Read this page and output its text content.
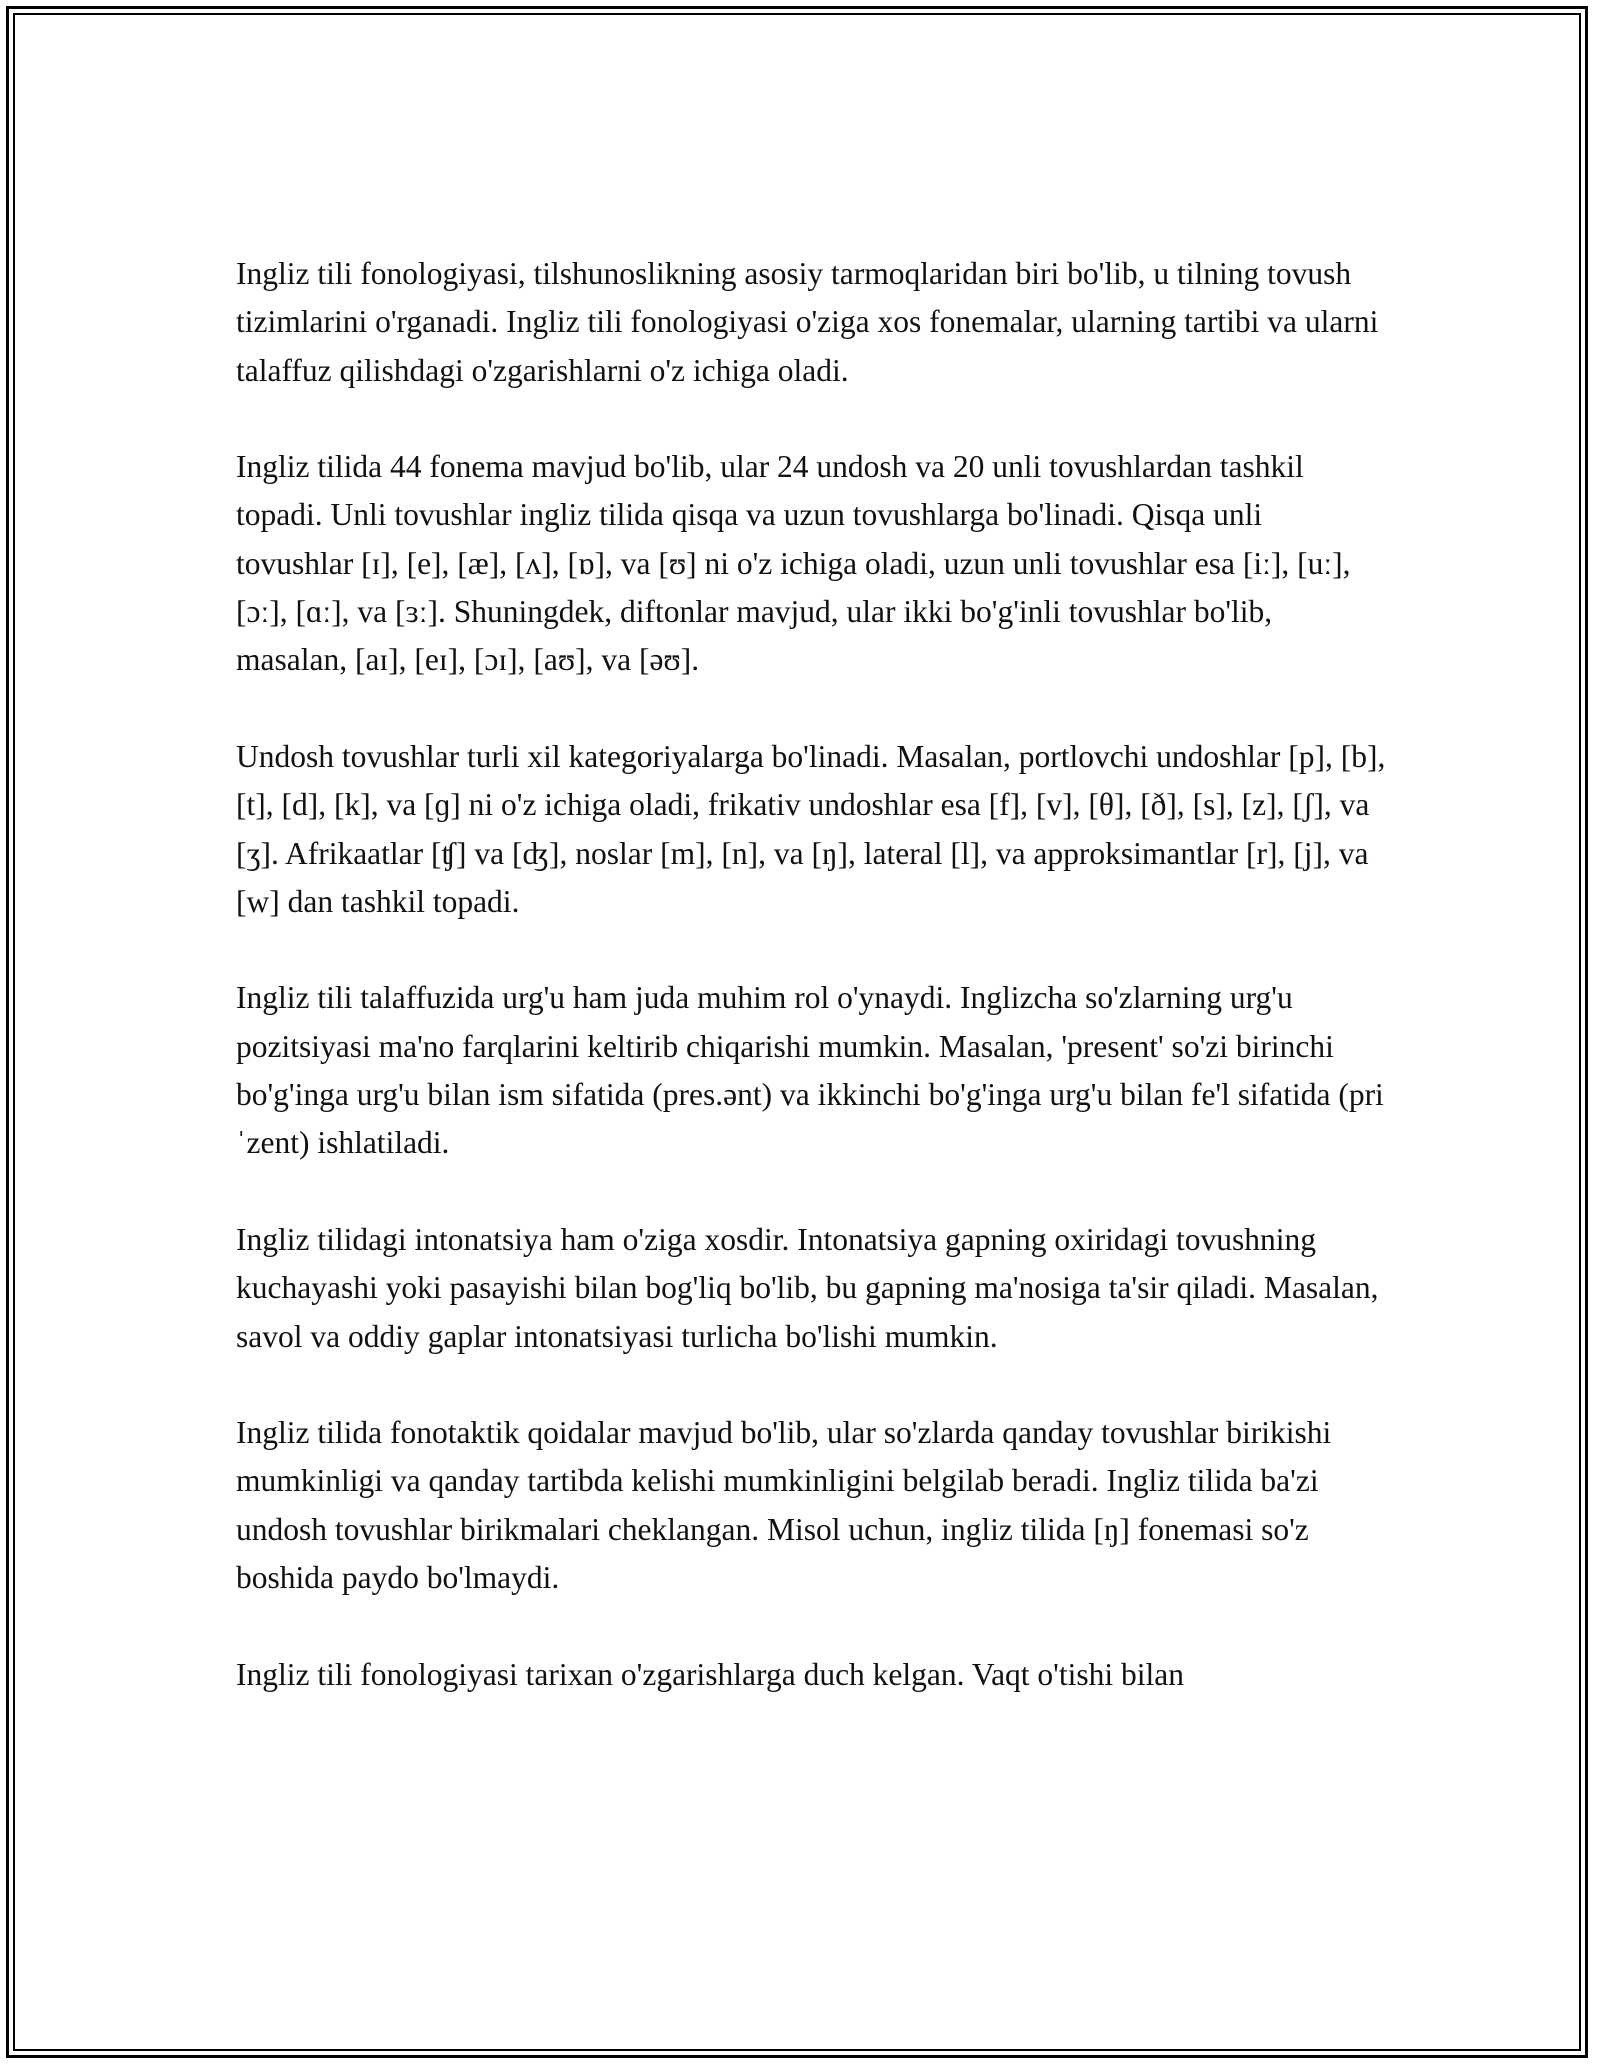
Ingliz tili fonologiyasi, tilshunoslikning asosiy tarmoqlaridan biri bo'lib, u tilning tovush tizimlarini o'rganadi. Ingliz tili fonologiyasi o'ziga xos fonemalar, ularning tartibi va ularni talaffuz qilishdagi o'zgarishlarni o'z ichiga oladi.

Ingliz tilida 44 fonema mavjud bo'lib, ular 24 undosh va 20 unli tovushlardan tashkil topadi. Unli tovushlar ingliz tilida qisqa va uzun tovushlarga bo'linadi. Qisqa unli tovushlar [ɪ], [e], [æ], [ʌ], [ɒ], va [ʊ] ni o'z ichiga oladi, uzun unli tovushlar esa [iː], [uː], [ɔː], [ɑː], va [ɜː]. Shuningdek, diftonlar mavjud, ular ikki bo'g'inli tovushlar bo'lib, masalan, [aɪ], [eɪ], [ɔɪ], [aʊ], va [əʊ].

Undosh tovushlar turli xil kategoriyalarga bo'linadi. Masalan, portlovchi undoshlar [p], [b], [t], [d], [k], va [ɡ] ni o'z ichiga oladi, frikativ undoshlar esa [f], [v], [θ], [ð], [s], [z], [ʃ], va [ʒ]. Afrikaatlar [ʧ] va [ʤ], noslar [m], [n], va [ŋ], lateral [l], va approksimantlar [r], [j], va [w] dan tashkil topadi.

Ingliz tili talaffuzida urg'u ham juda muhim rol o'ynaydi. Inglizcha so'zlarning urg'u pozitsiyasi ma'no farqlarini keltirib chiqarishi mumkin. Masalan, 'present' so'zi birinchi bo'g'inga urg'u bilan ism sifatida (pres.ənt) va ikkinchi bo'g'inga urg'u bilan fe'l sifatida (priˈzent) ishlatiladi.

Ingliz tilidagi intonatsiya ham o'ziga xosdir. Intonatsiya gapning oxiridagi tovushning kuchayashi yoki pasayishi bilan bog'liq bo'lib, bu gapning ma'nosiga ta'sir qiladi. Masalan, savol va oddiy gaplar intonatsiyasi turlicha bo'lishi mumkin.

Ingliz tilida fonotaktik qoidalar mavjud bo'lib, ular so'zlarda qanday tovushlar birikishi mumkinligi va qanday tartibda kelishi mumkinligini belgilab beradi. Ingliz tilida ba'zi undosh tovushlar birikmalari cheklangan. Misol uchun, ingliz tilida [ŋ] fonemasi so'z boshida paydo bo'lmaydi.

Ingliz tili fonologiyasi tarixan o'zgarishlarga duch kelgan. Vaqt o'tishi bilan
